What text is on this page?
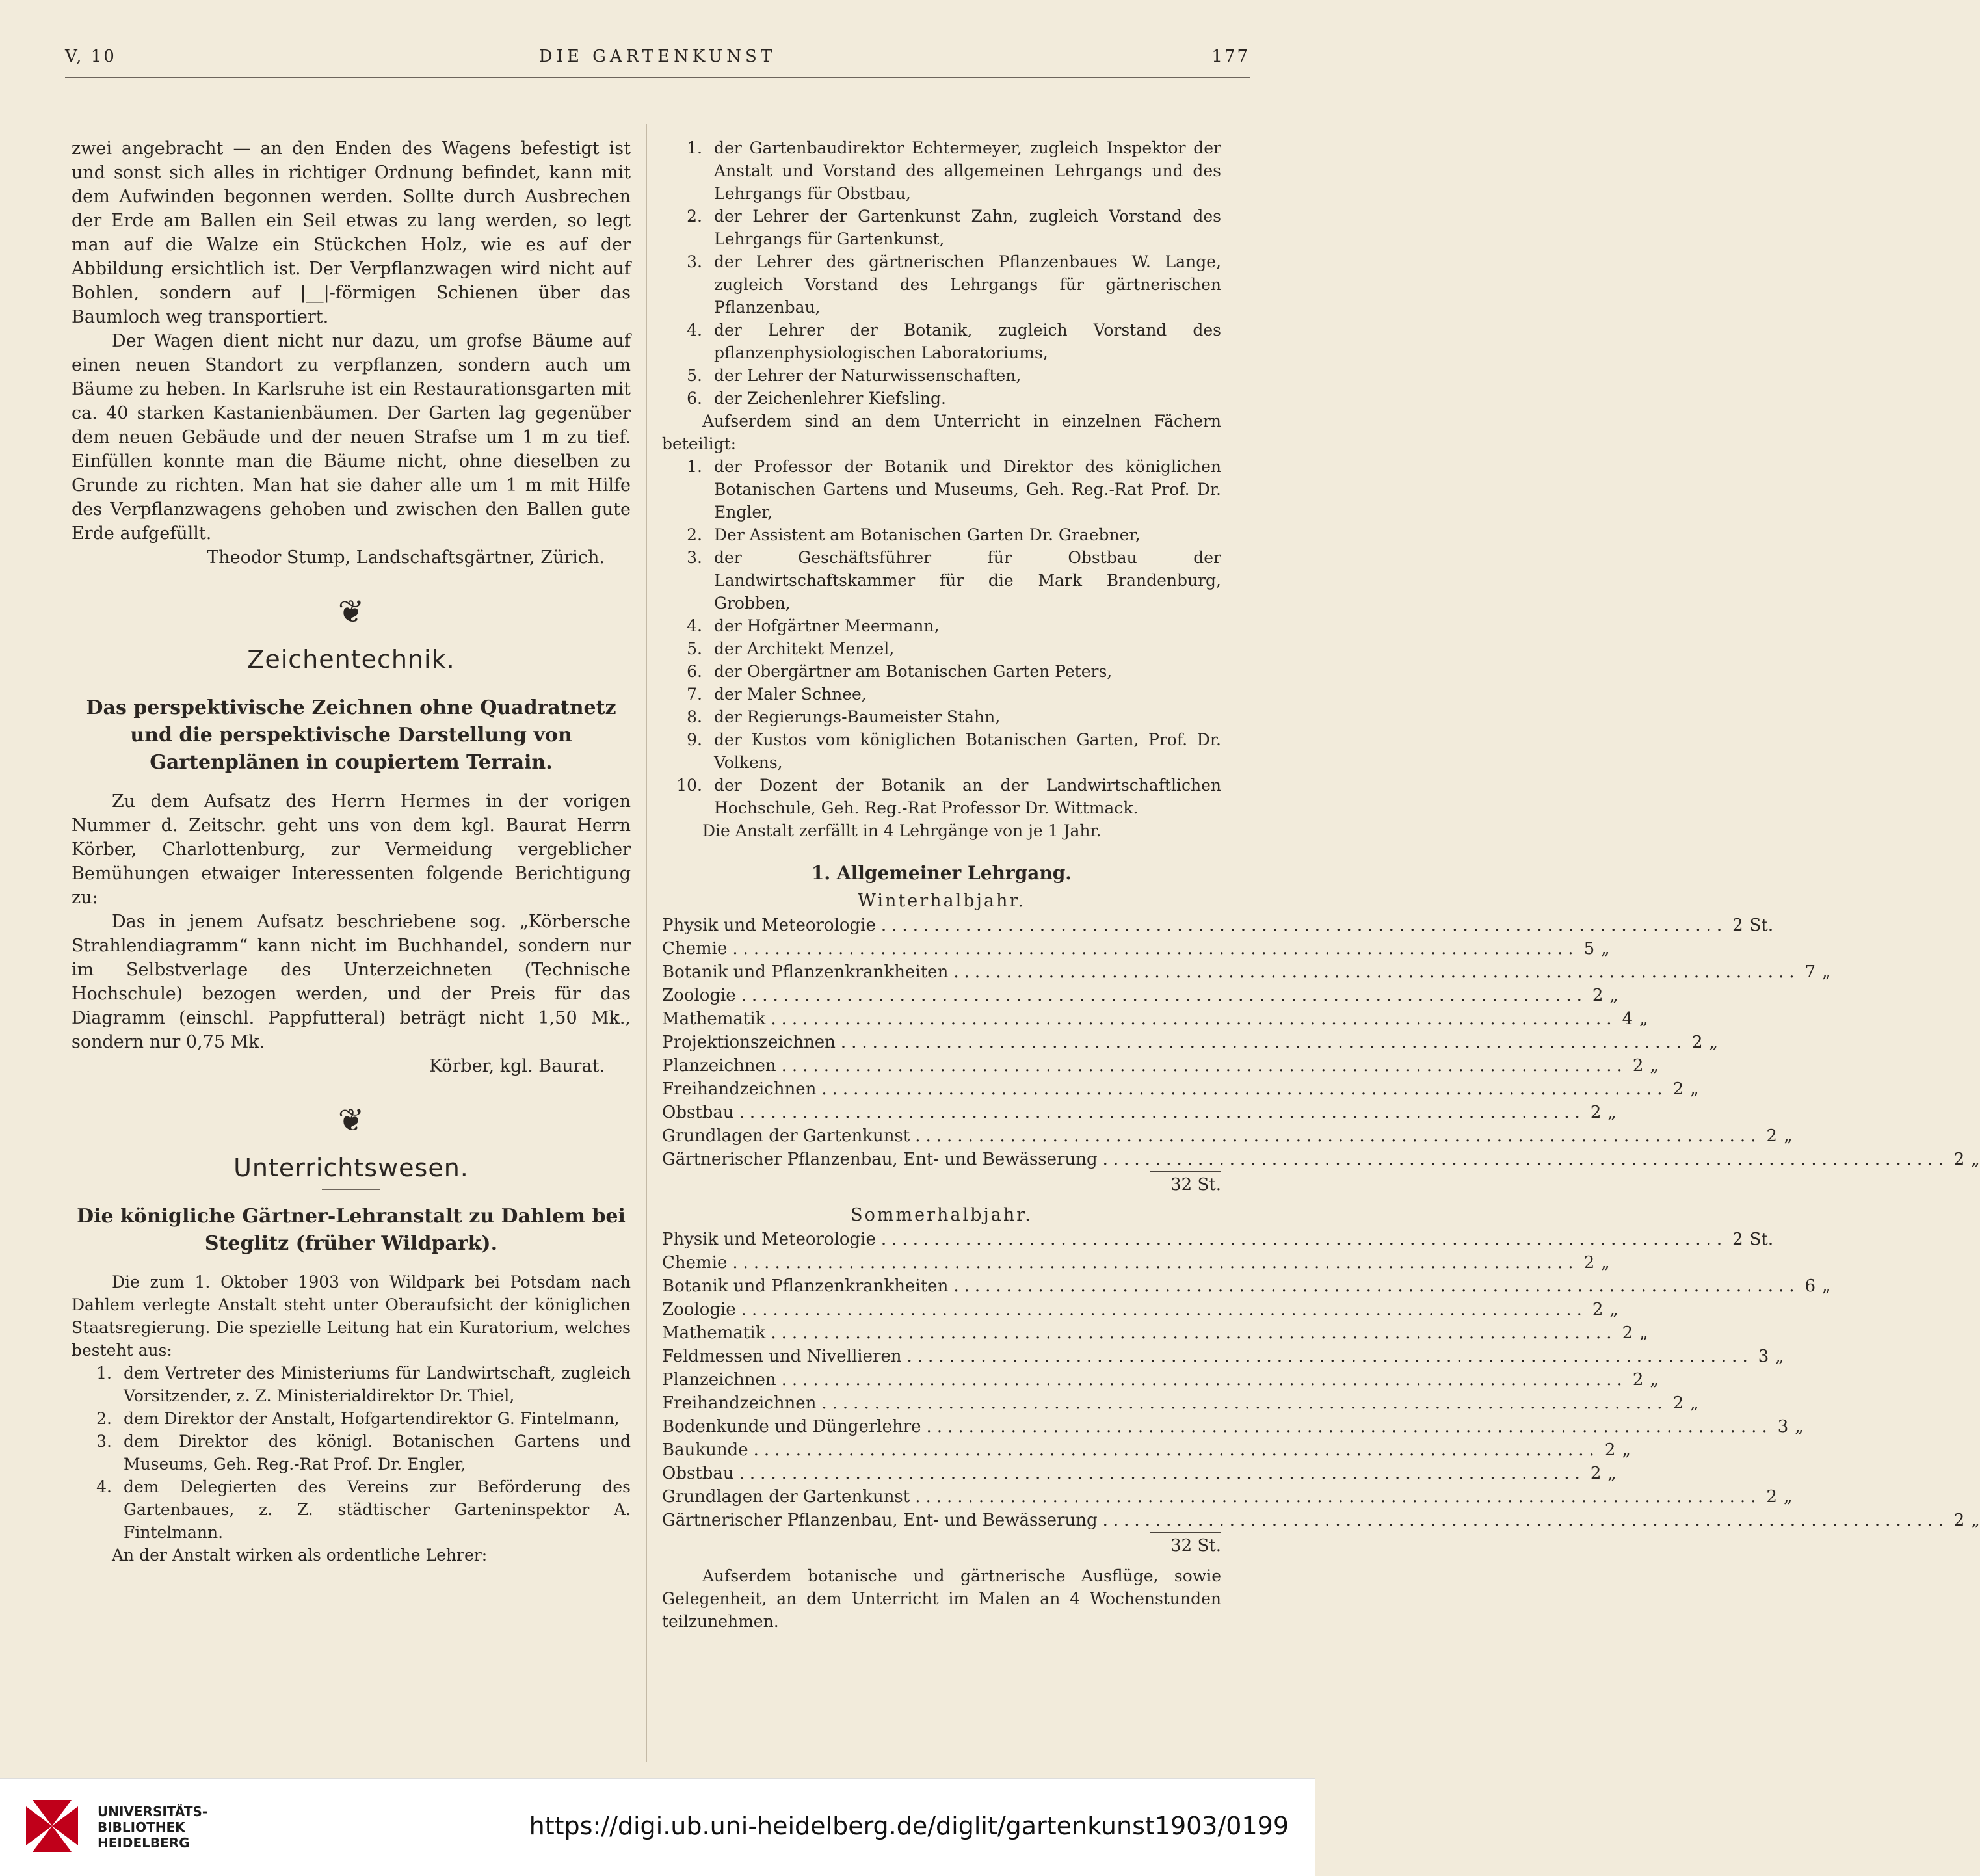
V, 10	DIE GARTENKUNST	177

zwei angebracht — an den Enden des Wagens befestigt ist und sonst sich alles in richtiger Ordnung befindet, kann mit dem Aufwinden begonnen werden. Sollte durch Ausbrechen der Erde am Ballen ein Seil etwas zu lang werden, so legt man auf die Walze ein Stückchen Holz, wie es auf der Abbildung ersichtlich ist. Der Verpflanzwagen wird nicht auf Bohlen, sondern auf |__|-förmigen Schienen über das Baumloch weg transportiert.

Der Wagen dient nicht nur dazu, um grofse Bäume auf einen neuen Standort zu verpflanzen, sondern auch um Bäume zu heben. In Karlsruhe ist ein Restaurationsgarten mit ca. 40 starken Kastanienbäumen. Der Garten lag gegenüber dem neuen Gebäude und der neuen Strafse um 1 m zu tief. Einfüllen konnte man die Bäume nicht, ohne dieselben zu Grunde zu richten. Man hat sie daher alle um 1 m mit Hilfe des Verpflanzwagens gehoben und zwischen den Ballen gute Erde aufgefüllt.

Theodor Stump, Landschaftsgärtner, Zürich.

❦
Zeichentechnik.
Das perspektivische Zeichnen ohne Quadratnetz und die perspektivische Darstellung von Gartenplänen in coupiertem Terrain.

Zu dem Aufsatz des Herrn Hermes in der vorigen Nummer d. Zeitschr. geht uns von dem kgl. Baurat Herrn Körber, Charlottenburg, zur Vermeidung vergeblicher Bemühungen etwaiger Interessenten folgende Berichtigung zu:

Das in jenem Aufsatz beschriebene sog. „Körbersche Strahlendiagramm“ kann nicht im Buchhandel, sondern nur im Selbstverlage des Unterzeichneten (Technische Hochschule) bezogen werden, und der Preis für das Diagramm (einschl. Pappfutteral) beträgt nicht 1,50 Mk., sondern nur 0,75 Mk.

Körber, kgl. Baurat.

❦
Unterrichtswesen.
Die königliche Gärtner-Lehranstalt zu Dahlem bei Steglitz (früher Wildpark).

Die zum 1. Oktober 1903 von Wildpark bei Potsdam nach Dahlem verlegte Anstalt steht unter Oberaufsicht der königlichen Staatsregierung. Die spezielle Leitung hat ein Kuratorium, welches besteht aus:

1. dem Vertreter des Ministeriums für Landwirtschaft, zugleich Vorsitzender, z. Z. Ministerialdirektor Dr. Thiel,
2. dem Direktor der Anstalt, Hofgartendirektor G. Fintelmann,
3. dem Direktor des königl. Botanischen Gartens und Museums, Geh. Reg.-Rat Prof. Dr. Engler,
4. dem Delegierten des Vereins zur Beförderung des Gartenbaues, z. Z. städtischer Garteninspektor A. Fintelmann.

An der Anstalt wirken als ordentliche Lehrer:

1. der Gartenbaudirektor Echtermeyer, zugleich Inspektor der Anstalt und Vorstand des allgemeinen Lehrgangs und des Lehrgangs für Obstbau,
2. der Lehrer der Gartenkunst Zahn, zugleich Vorstand des Lehrgangs für Gartenkunst,
3. der Lehrer des gärtnerischen Pflanzenbaues W. Lange, zugleich Vorstand des Lehrgangs für gärtnerischen Pflanzenbau,
4. der Lehrer der Botanik, zugleich Vorstand des pflanzenphysiologischen Laboratoriums,
5. der Lehrer der Naturwissenschaften,
6. der Zeichenlehrer Kiefsling.

Aufserdem sind an dem Unterricht in einzelnen Fächern beteiligt:

1. der Professor der Botanik und Direktor des königlichen Botanischen Gartens und Museums, Geh. Reg.-Rat Prof. Dr. Engler,
2. Der Assistent am Botanischen Garten Dr. Graebner,
3. der Geschäftsführer für Obstbau der Landwirtschaftskammer für die Mark Brandenburg, Grobben,
4. der Hofgärtner Meermann,
5. der Architekt Menzel,
6. der Obergärtner am Botanischen Garten Peters,
7. der Maler Schnee,
8. der Regierungs-Baumeister Stahn,
9. der Kustos vom königlichen Botanischen Garten, Prof. Dr. Volkens,
10. der Dozent der Botanik an der Landwirtschaftlichen Hochschule, Geh. Reg.-Rat Professor Dr. Wittmack.

Die Anstalt zerfällt in 4 Lehrgänge von je 1 Jahr.

1. Allgemeiner Lehrgang.
Winterhalbjahr.
Physik und Meteorologie ................................................................................ 2 St.
Chemie ................................................................................ 5 „
Botanik und Pflanzenkrankheiten ................................................................................ 7 „
Zoologie ................................................................................ 2 „
Mathematik ................................................................................ 4 „
Projektionszeichnen ................................................................................ 2 „
Planzeichnen ................................................................................ 2 „
Freihandzeichnen ................................................................................ 2 „
Obstbau ................................................................................ 2 „
Grundlagen der Gartenkunst ................................................................................ 2 „
Gärtnerischer Pflanzenbau, Ent- und Bewässerung ................................................................................ 2 „
32 St.
Sommerhalbjahr.
Physik und Meteorologie ................................................................................ 2 St.
Chemie ................................................................................ 2 „
Botanik und Pflanzenkrankheiten ................................................................................ 6 „
Zoologie ................................................................................ 2 „
Mathematik ................................................................................ 2 „
Feldmessen und Nivellieren ................................................................................ 3 „
Planzeichnen ................................................................................ 2 „
Freihandzeichnen ................................................................................ 2 „
Bodenkunde und Düngerlehre ................................................................................ 3 „
Baukunde ................................................................................ 2 „
Obstbau ................................................................................ 2 „
Grundlagen der Gartenkunst ................................................................................ 2 „
Gärtnerischer Pflanzenbau, Ent- und Bewässerung ................................................................................ 2 „
32 St.

Aufserdem botanische und gärtnerische Ausflüge, sowie Gelegenheit, an dem Unterricht im Malen an 4 Wochenstunden teilzunehmen.

UNIVERSITÄTS-
BIBLIOTHEK
HEIDELBERG
https://digi.ub.uni-heidelberg.de/diglit/gartenkunst1903/0199
